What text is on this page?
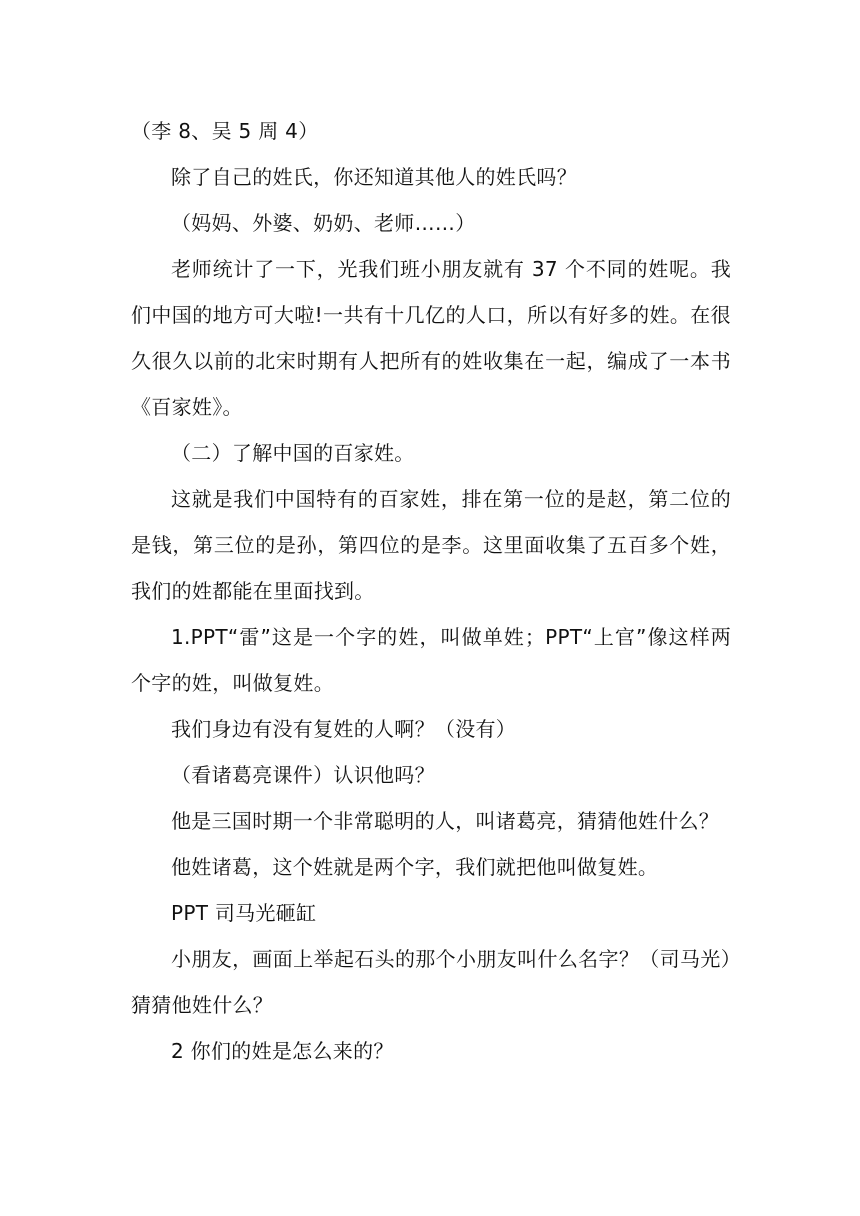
（李 8、吴 5 周 4）

除了自己的姓氏，你还知道其他人的姓氏吗？

（妈妈、外婆、奶奶、老师……）

老师统计了一下，光我们班小朋友就有 37 个不同的姓呢。我们中国的地方可大啦!一共有十几亿的人口，所以有好多的姓。在很久很久以前的北宋时期有人把所有的姓收集在一起，编成了一本书《百家姓》。

（二）了解中国的百家姓。

这就是我们中国特有的百家姓，排在第一位的是赵，第二位的是钱，第三位的是孙，第四位的是李。这里面收集了五百多个姓，我们的姓都能在里面找到。

1.PPT“雷”这是一个字的姓，叫做单姓；PPT“上官”像这样两个字的姓，叫做复姓。

我们身边有没有复姓的人啊？（没有）

（看诸葛亮课件）认识他吗？

他是三国时期一个非常聪明的人，叫诸葛亮，猜猜他姓什么？

他姓诸葛，这个姓就是两个字，我们就把他叫做复姓。

PPT 司马光砸缸

小朋友，画面上举起石头的那个小朋友叫什么名字？（司马光）猜猜他姓什么？

2 你们的姓是怎么来的？
